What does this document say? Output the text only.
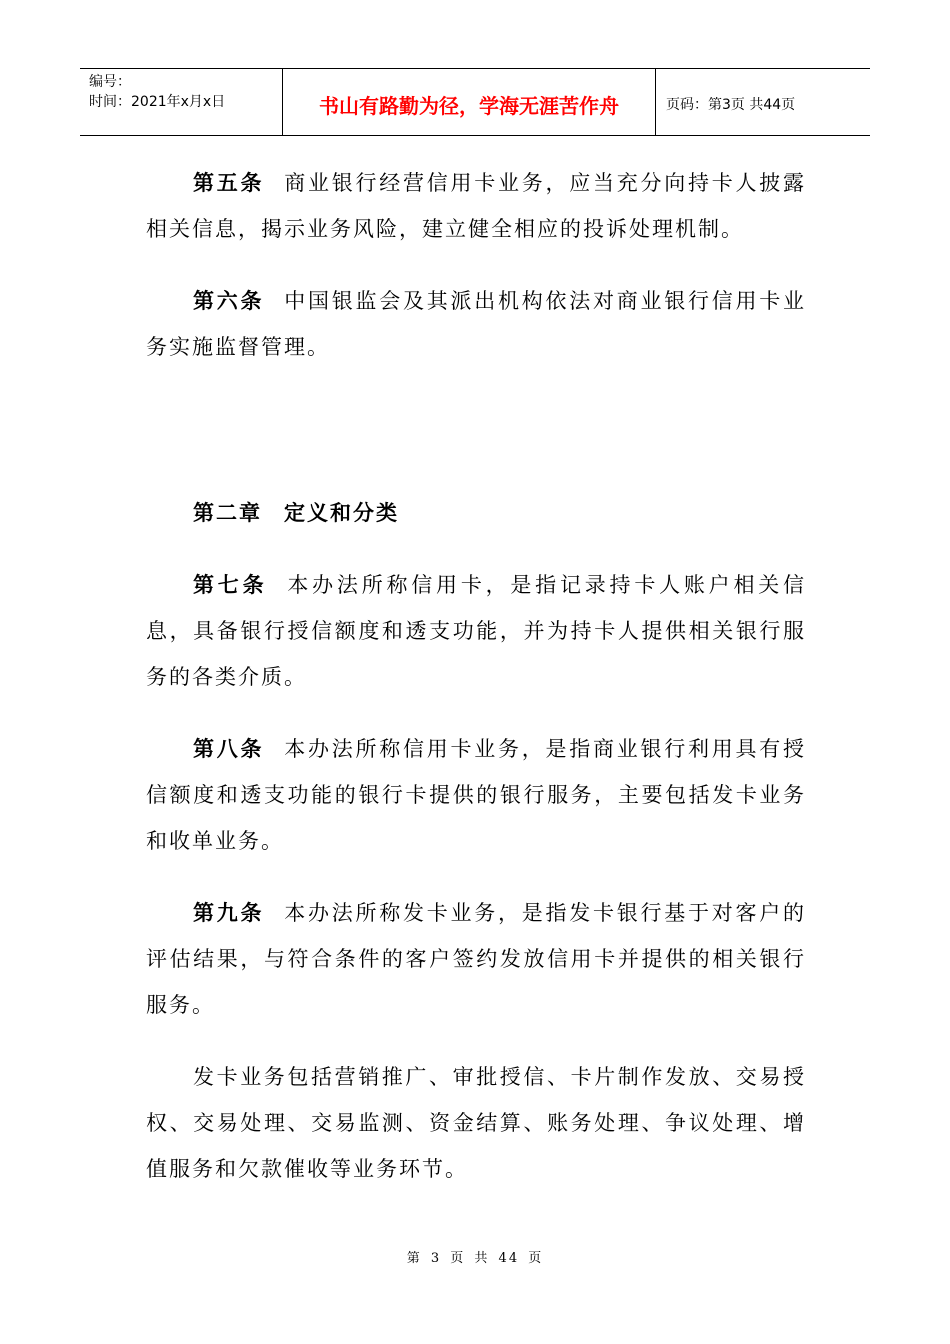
编号：
时间：2021年x月x日	书山有路勤为径，学海无涯苦作舟	页码：第3页 共44页

第五条 商业银行经营信用卡业务，应当充分向持卡人披露相关信息，揭示业务风险，建立健全相应的投诉处理机制。

第六条 中国银监会及其派出机构依法对商业银行信用卡业务实施监督管理。

第二章 定义和分类

第七条 本办法所称信用卡，是指记录持卡人账户相关信息，具备银行授信额度和透支功能，并为持卡人提供相关银行服务的各类介质。

第八条 本办法所称信用卡业务，是指商业银行利用具有授信额度和透支功能的银行卡提供的银行服务，主要包括发卡业务和收单业务。

第九条 本办法所称发卡业务，是指发卡银行基于对客户的评估结果，与符合条件的客户签约发放信用卡并提供的相关银行服务。

发卡业务包括营销推广、审批授信、卡片制作发放、交易授权、交易处理、交易监测、资金结算、账务处理、争议处理、增值服务和欠款催收等业务环节。

第 3 页 共 44 页
